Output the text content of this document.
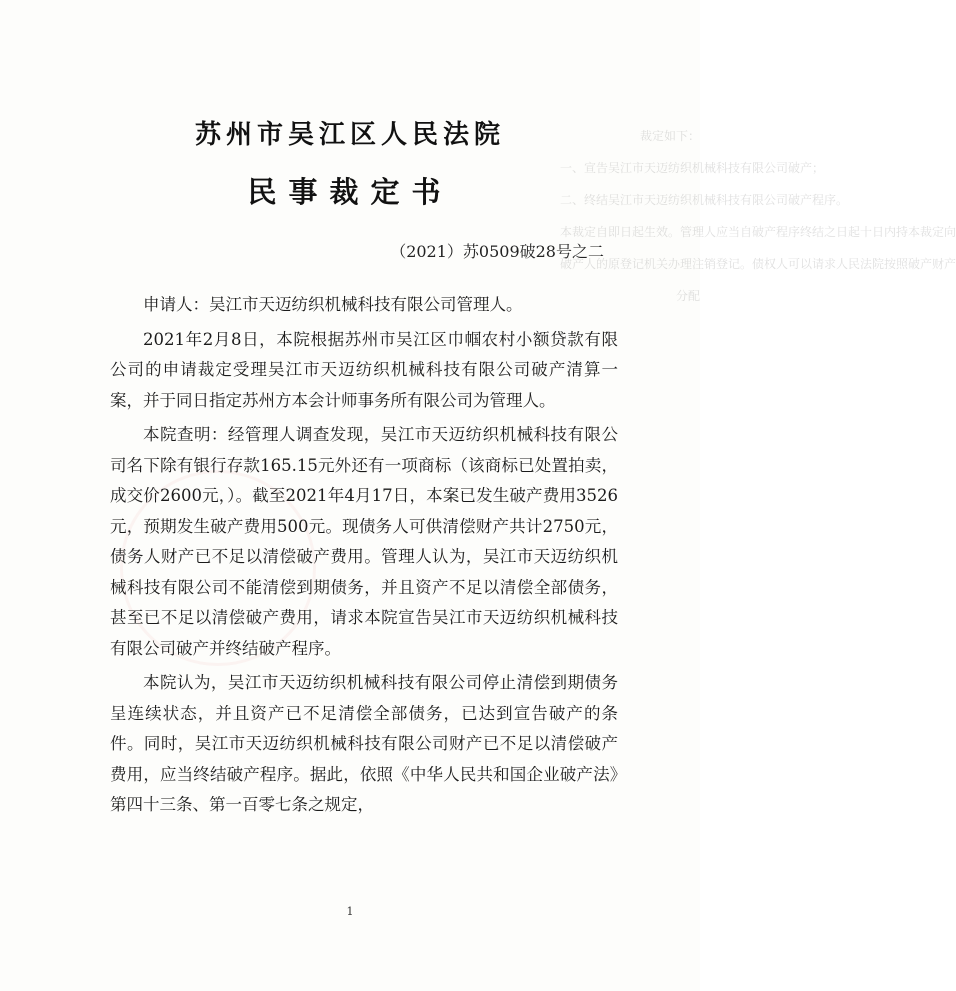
裁定如下：
一、宣告吴江市天迈纺织机械科技有限公司破产；
二、终结吴江市天迈纺织机械科技有限公司破产程序。
本裁定自即日起生效。管理人应当自破产程序终结之日起十日内持本裁定向
破产人的原登记机关办理注销登记。债权人可以请求人民法院按照破产财产
分配
苏州市吴江区人民法院
民事裁定书
（2021）苏0509破28号之二

申请人：吴江市天迈纺织机械科技有限公司管理人。

2021年2月8日，本院根据苏州市吴江区巾帼农村小额贷款有限公司的申请裁定受理吴江市天迈纺织机械科技有限公司破产清算一案，并于同日指定苏州方本会计师事务所有限公司为管理人。

本院查明：经管理人调查发现，吴江市天迈纺织机械科技有限公司名下除有银行存款165.15元外还有一项商标（该商标已处置拍卖，成交价2600元，）。截至2021年4月17日，本案已发生破产费用3526元，预期发生破产费用500元。现债务人可供清偿财产共计2750元，债务人财产已不足以清偿破产费用。管理人认为，吴江市天迈纺织机械科技有限公司不能清偿到期债务，并且资产不足以清偿全部债务，甚至已不足以清偿破产费用，请求本院宣告吴江市天迈纺织机械科技有限公司破产并终结破产程序。

本院认为，吴江市天迈纺织机械科技有限公司停止清偿到期债务呈连续状态，并且资产已不足清偿全部债务，已达到宣告破产的条件。同时，吴江市天迈纺织机械科技有限公司财产已不足以清偿破产费用，应当终结破产程序。据此，依照《中华人民共和国企业破产法》第四十三条、第一百零七条之规定，

1
